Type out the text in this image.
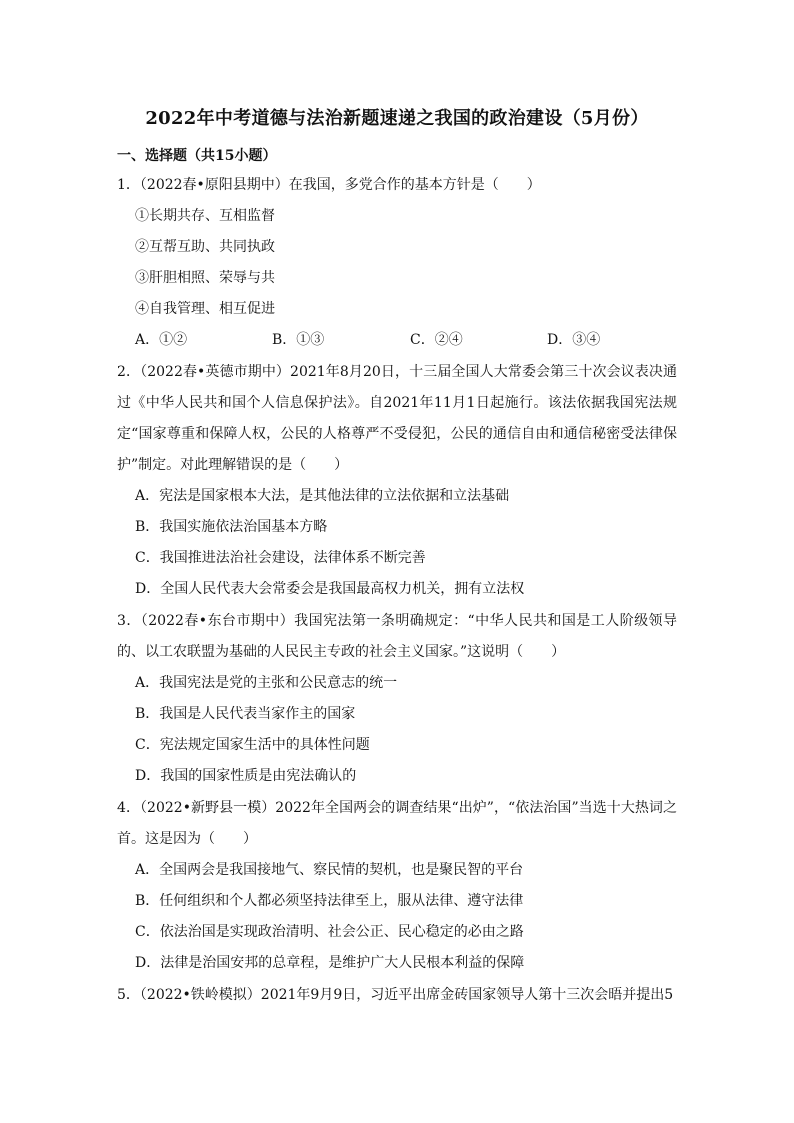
2022年中考道德与法治新题速递之我国的政治建设（5月份）
一、选择题（共15小题）
1．（2022春•原阳县期中）在我国，多党合作的基本方针是（　　）
①长期共存、互相监督
②互帮互助、共同执政
③肝胆相照、荣辱与共
④自我管理、相互促进
A．①②	B．①③	C．②④	D．③④
2．（2022春•英德市期中）2021年8月20日，十三届全国人大常委会第三十次会议表决通过《中华人民共和国个人信息保护法》。自2021年11月1日起施行。该法依据我国宪法规定“国家尊重和保障人权，公民的人格尊严不受侵犯，公民的通信自由和通信秘密受法律保护”制定。对此理解错误的是（　　）
A．宪法是国家根本大法，是其他法律的立法依据和立法基础
B．我国实施依法治国基本方略
C．我国推进法治社会建设，法律体系不断完善
D．全国人民代表大会常委会是我国最高权力机关，拥有立法权
3．（2022春•东台市期中）我国宪法第一条明确规定：“中华人民共和国是工人阶级领导的、以工农联盟为基础的人民民主专政的社会主义国家。”这说明（　　）
A．我国宪法是党的主张和公民意志的统一
B．我国是人民代表当家作主的国家
C．宪法规定国家生活中的具体性问题
D．我国的国家性质是由宪法确认的
4．（2022•新野县一模）2022年全国两会的调查结果“出炉”，“依法治国”当选十大热词之首。这是因为（　　）
A．全国两会是我国接地气、察民情的契机，也是聚民智的平台
B．任何组织和个人都必须坚持法律至上，服从法律、遵守法律
C．依法治国是实现政治清明、社会公正、民心稳定的必由之路
D．法律是治国安邦的总章程，是维护广大人民根本利益的保障
5．（2022•铁岭模拟）2021年9月9日，习近平出席金砖国家领导人第十三次会晤并提出5
